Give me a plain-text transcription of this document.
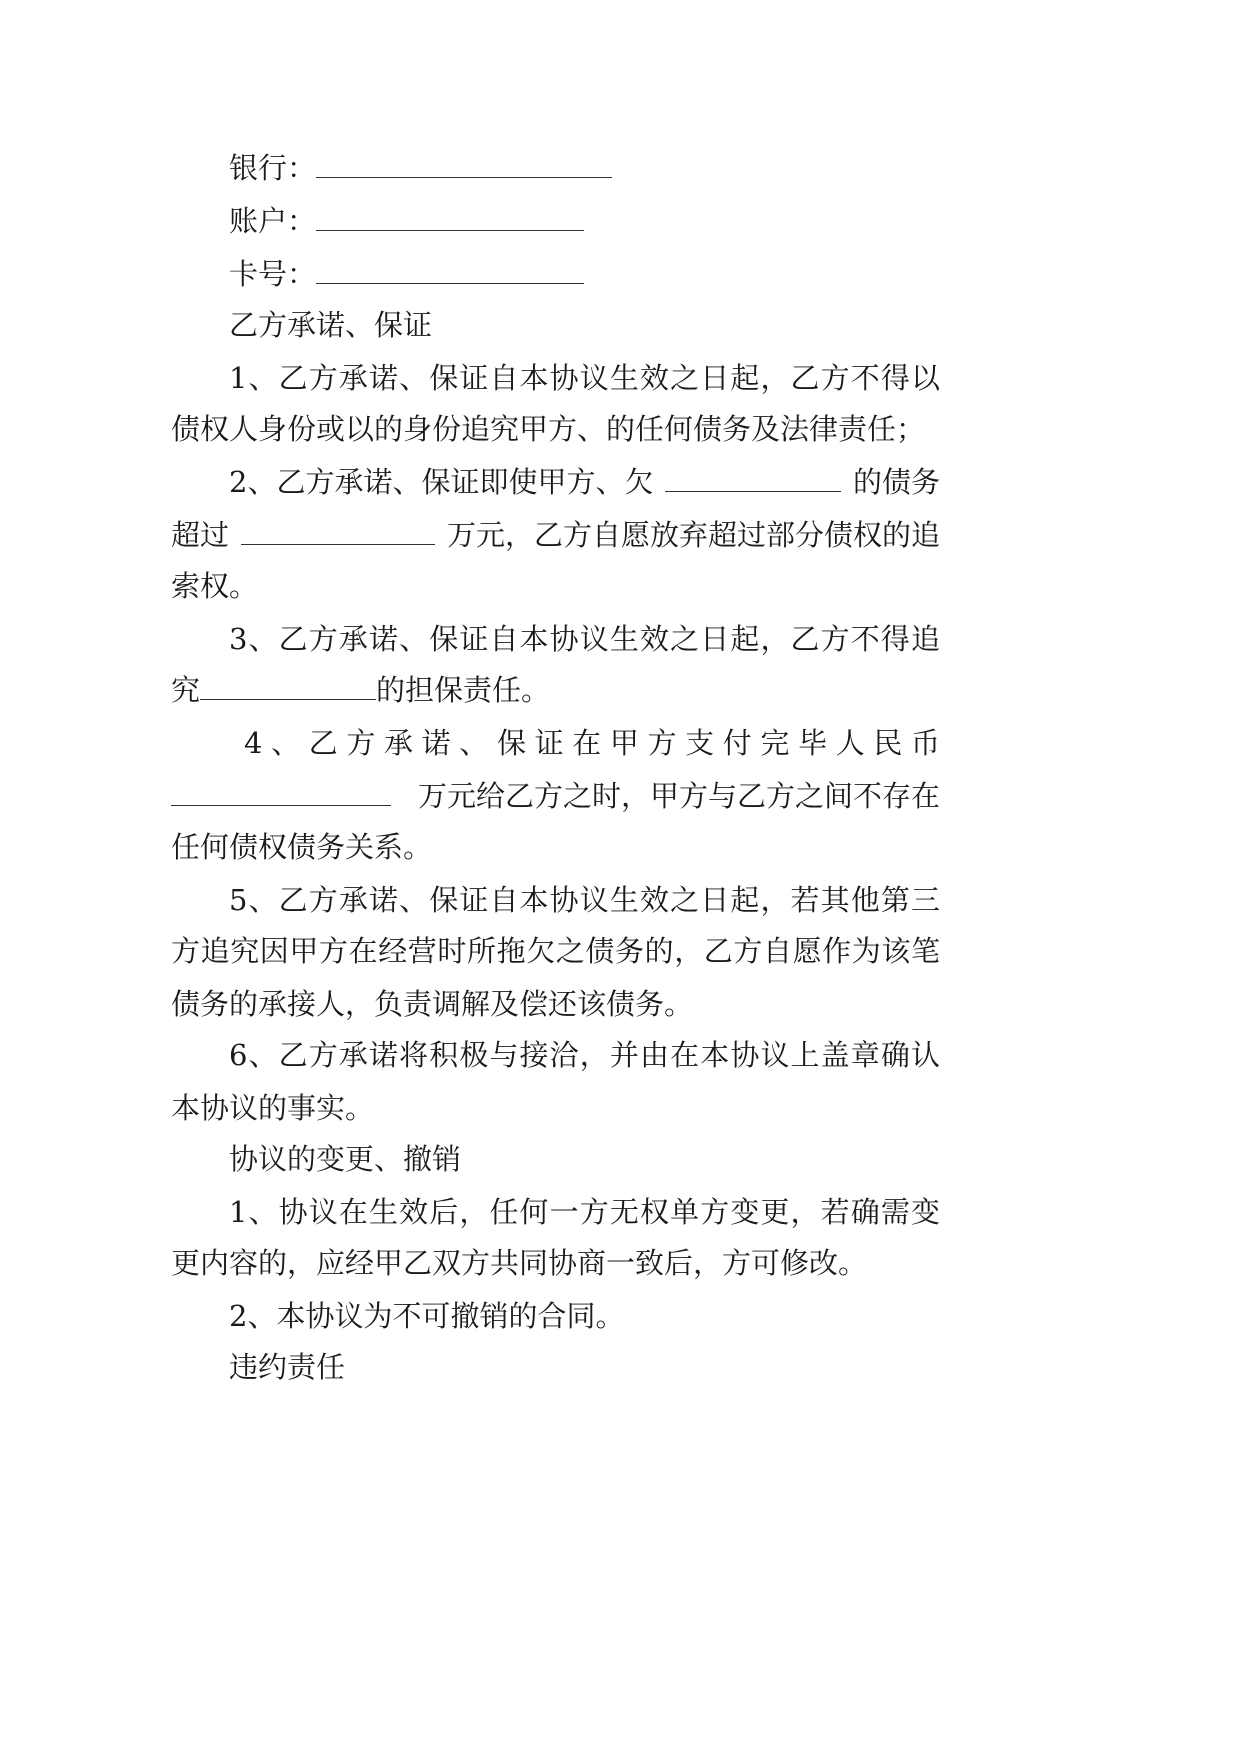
银行：
账户：
卡号：
乙方承诺、保证
1、乙方承诺、保证自本协议生效之日起，乙方不得以
债权人身份或以的身份追究甲方、的任何债务及法律责任；
2、乙方承诺、保证即使甲方、欠	的债务
超过	万元，乙方自愿放弃超过部分债权的追
索权。
3、乙方承诺、保证自本协议生效之日起，乙方不得追
究	的担保责任。
4、乙方承诺、保证在甲方支付完毕人民币
万元给乙方之时，甲方与乙方之间不存在
任何债权债务关系。
5、乙方承诺、保证自本协议生效之日起，若其他第三
方追究因甲方在经营时所拖欠之债务的，乙方自愿作为该笔
债务的承接人，负责调解及偿还该债务。
6、乙方承诺将积极与接洽，并由在本协议上盖章确认
本协议的事实。
协议的变更、撤销
1、协议在生效后，任何一方无权单方变更，若确需变
更内容的，应经甲乙双方共同协商一致后，方可修改。
2、本协议为不可撤销的合同。
违约责任
